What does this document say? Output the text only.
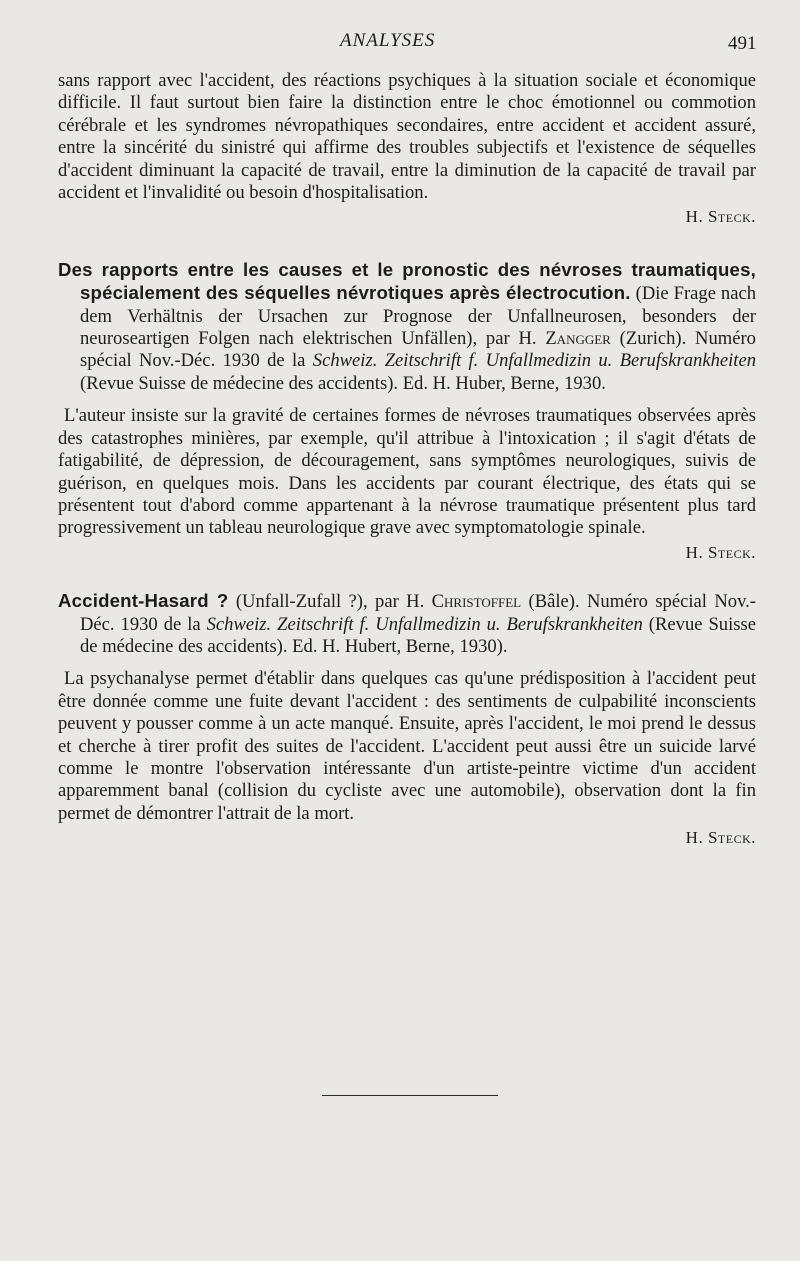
ANALYSES	491

sans rapport avec l'accident, des réactions psychiques à la situation sociale et économique difficile. Il faut surtout bien faire la distinction entre le choc émotionnel ou commotion cérébrale et les syndromes névropathiques secondaires, entre accident et accident assuré, entre la sincérité du sinistré qui affirme des troubles subjectifs et l'existence de séquelles d'accident diminuant la capacité de travail, entre la diminution de la capacité de travail par accident et l'invalidité ou besoin d'hospitalisation.

H. Steck.

Des rapports entre les causes et le pronostic des névroses traumatiques, spécialement des séquelles névrotiques après électrocution. (Die Frage nach dem Verhältnis der Ursachen zur Prognose der Unfallneurosen, besonders der neuroseartigen Folgen nach elektrischen Unfällen), par H. Zangger (Zurich). Numéro spécial Nov.-Déc. 1930 de la Schweiz. Zeitschrift f. Unfallmedizin u. Berufskrankheiten (Revue Suisse de médecine des accidents). Ed. H. Huber, Berne, 1930.

L'auteur insiste sur la gravité de certaines formes de névroses traumatiques observées après des catastrophes minières, par exemple, qu'il attribue à l'intoxication ; il s'agit d'états de fatigabilité, de dépression, de découragement, sans symptômes neurologiques, suivis de guérison, en quelques mois. Dans les accidents par courant électrique, des états qui se présentent tout d'abord comme appartenant à la névrose traumatique présentent plus tard progressivement un tableau neurologique grave avec symptomatologie spinale.

H. Steck.

Accident-Hasard ? (Unfall-Zufall ?), par H. Christoffel (Bâle). Numéro spécial Nov.-Déc. 1930 de la Schweiz. Zeitschrift f. Unfallmedizin u. Berufskrankheiten (Revue Suisse de médecine des accidents). Ed. H. Hubert, Berne, 1930).

La psychanalyse permet d'établir dans quelques cas qu'une prédisposition à l'accident peut être donnée comme une fuite devant l'accident : des sentiments de culpabilité inconscients peuvent y pousser comme à un acte manqué. Ensuite, après l'accident, le moi prend le dessus et cherche à tirer profit des suites de l'accident. L'accident peut aussi être un suicide larvé comme le montre l'observation intéressante d'un artiste-peintre victime d'un accident apparemment banal (collision du cycliste avec une automobile), observation dont la fin permet de démontrer l'attrait de la mort.

H. Steck.
